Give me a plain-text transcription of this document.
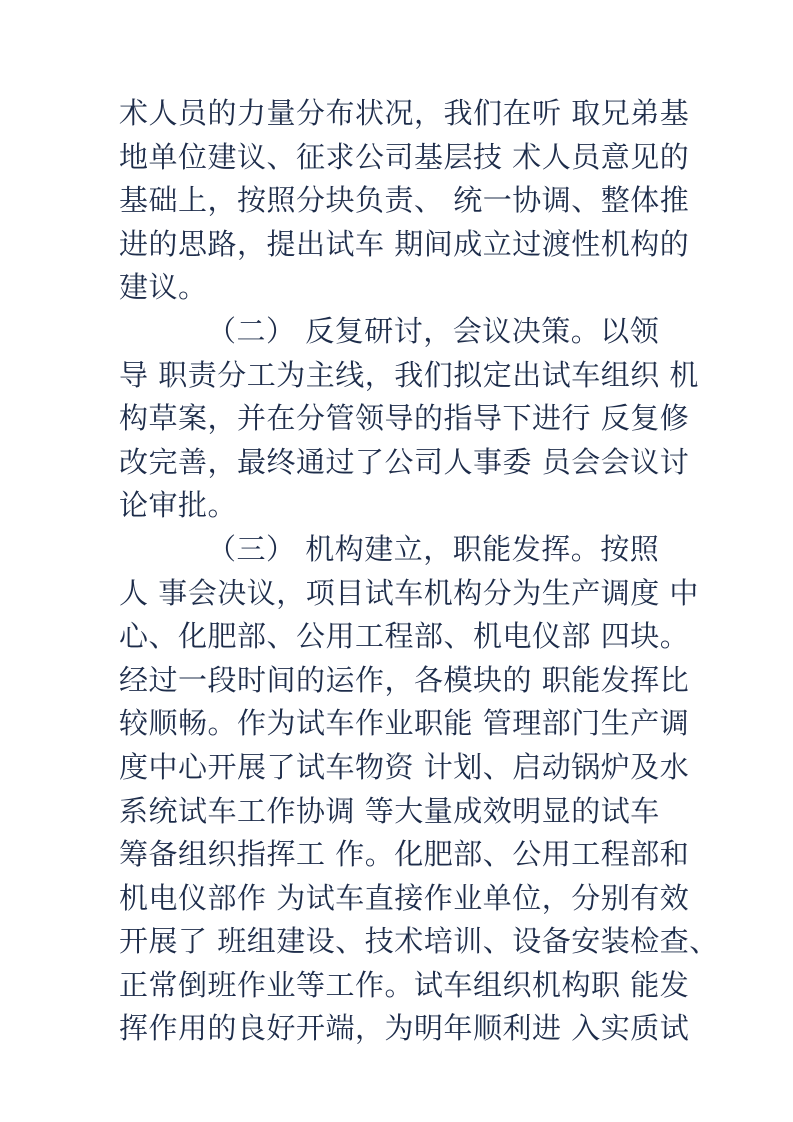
术人员的力量分布状况，我们在听 取兄弟基
地单位建议、征求公司基层技 术人员意见的
基础上，按照分块负责、 统一协调、整体推
进的思路，提出试车 期间成立过渡性机构的
建议。
（二） 反复研讨，会议决策。以领
导 职责分工为主线，我们拟定出试车组织 机
构草案，并在分管领导的指导下进行 反复修
改完善，最终通过了公司人事委 员会会议讨
论审批。
（三） 机构建立，职能发挥。按照
人 事会决议，项目试车机构分为生产调度 中
心、化肥部、公用工程部、机电仪部 四块。
经过一段时间的运作，各模块的 职能发挥比
较顺畅。作为试车作业职能 管理部门生产调
度中心开展了试车物资 计划、启动锅炉及水
系统试车工作协调 等大量成效明显的试车
筹备组织指挥工 作。化肥部、公用工程部和
机电仪部作 为试车直接作业单位，分别有效
开展了 班组建设、技术培训、设备安装检查、
正常倒班作业等工作。试车组织机构职 能发
挥作用的良好开端，为明年顺利进 入实质试
